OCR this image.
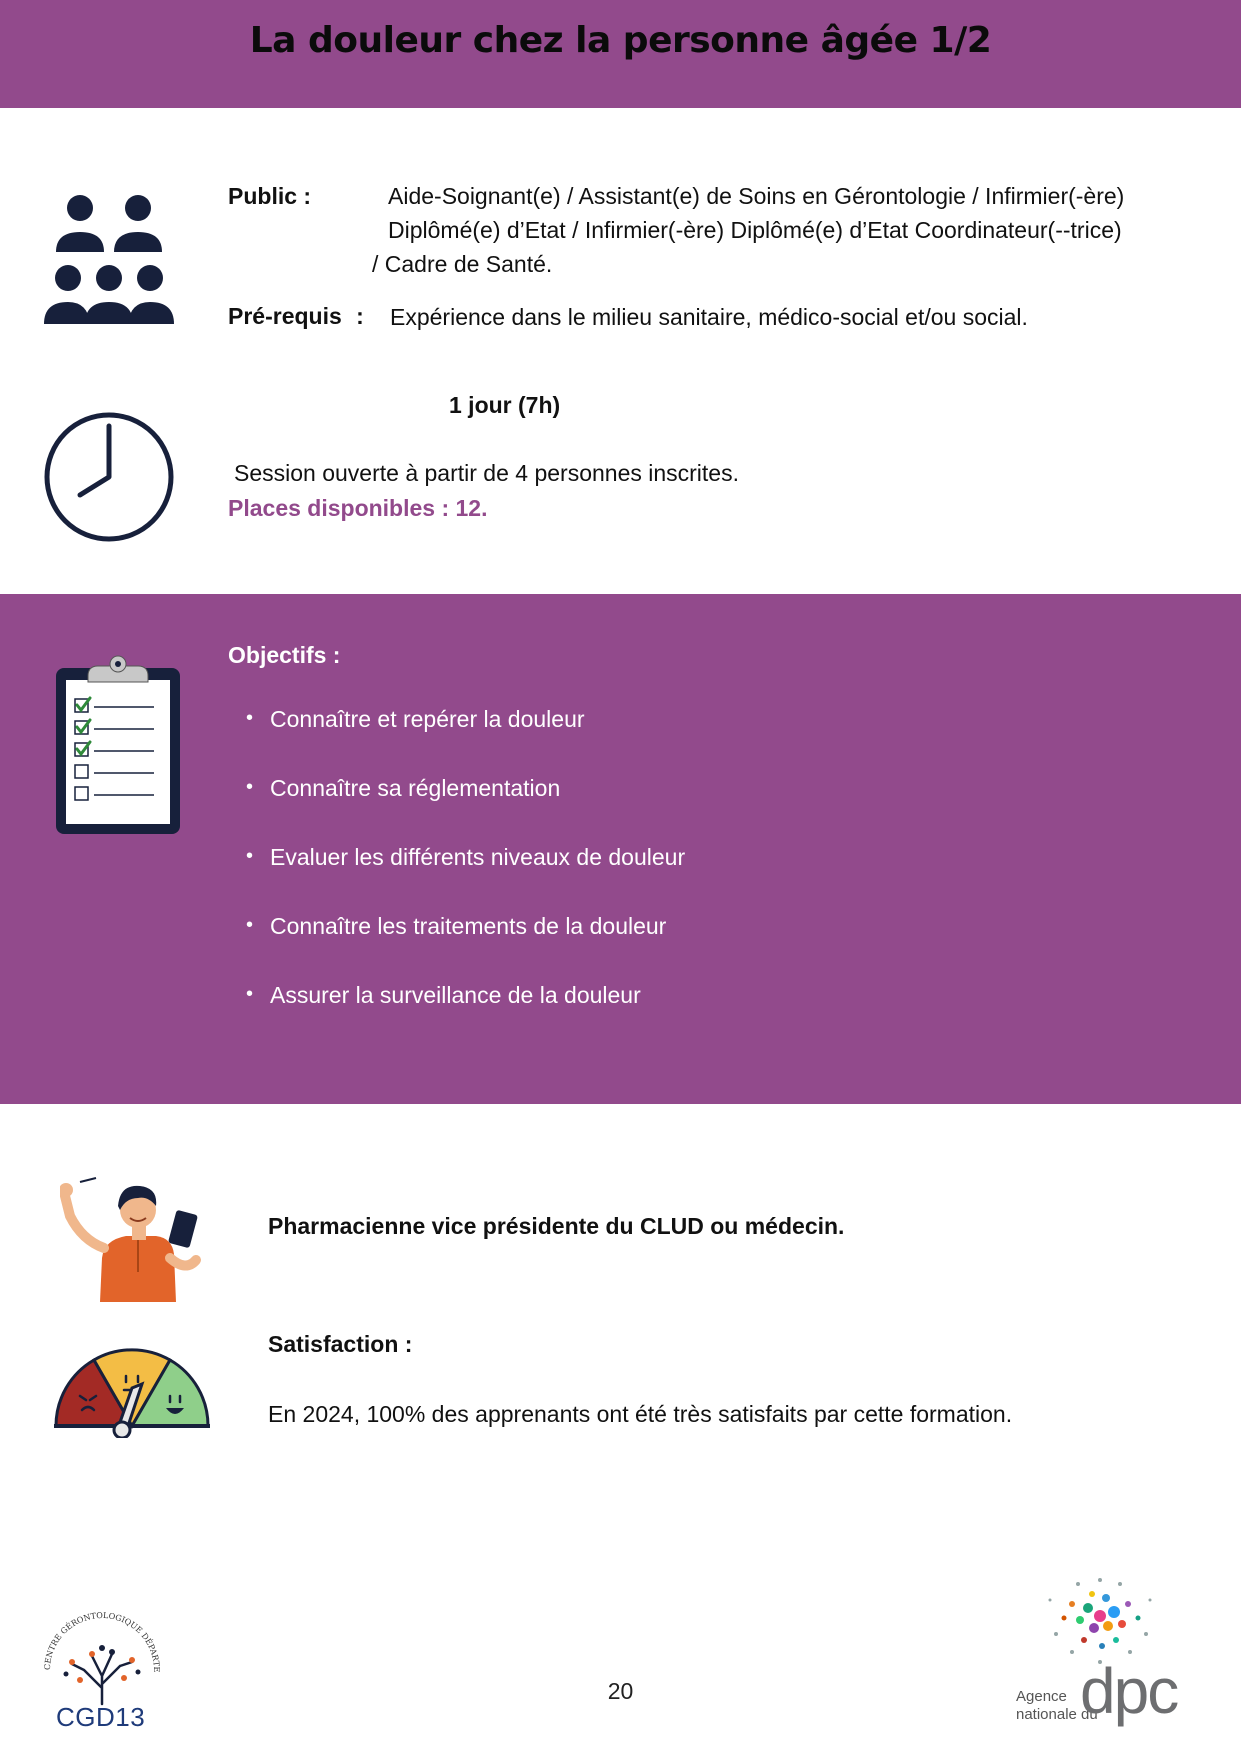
La douleur chez la personne âgée 1/2
Public :	Aide-Soignant(e) / Assistant(e) de Soins en Gérontologie / Infirmier(-ère)
Diplômé(e) d’Etat / Infirmier(-ère) Diplômé(e) d’Etat Coordinateur(--trice)
/ Cadre de Santé.
Pré-requis : Expérience dans le milieu sanitaire, médico-social et/ou social.
1 jour (7h)
Session ouverte à partir de 4 personnes inscrites.
Places disponibles : 12.
Objectifs :
• Connaître et repérer la douleur
• Connaître sa réglementation
• Evaluer les différents niveaux de douleur
• Connaître les traitements de la douleur
• Assurer la surveillance de la douleur
Pharmacienne vice présidente du CLUD ou médecin.
Satisfaction :
En 2024, 100% des apprenants ont été très satisfaits par cette formation.
CENTRE GÉRONTOLOGIQUE DÉPARTE
CGD13
20	Agence
nationale du
dpc
